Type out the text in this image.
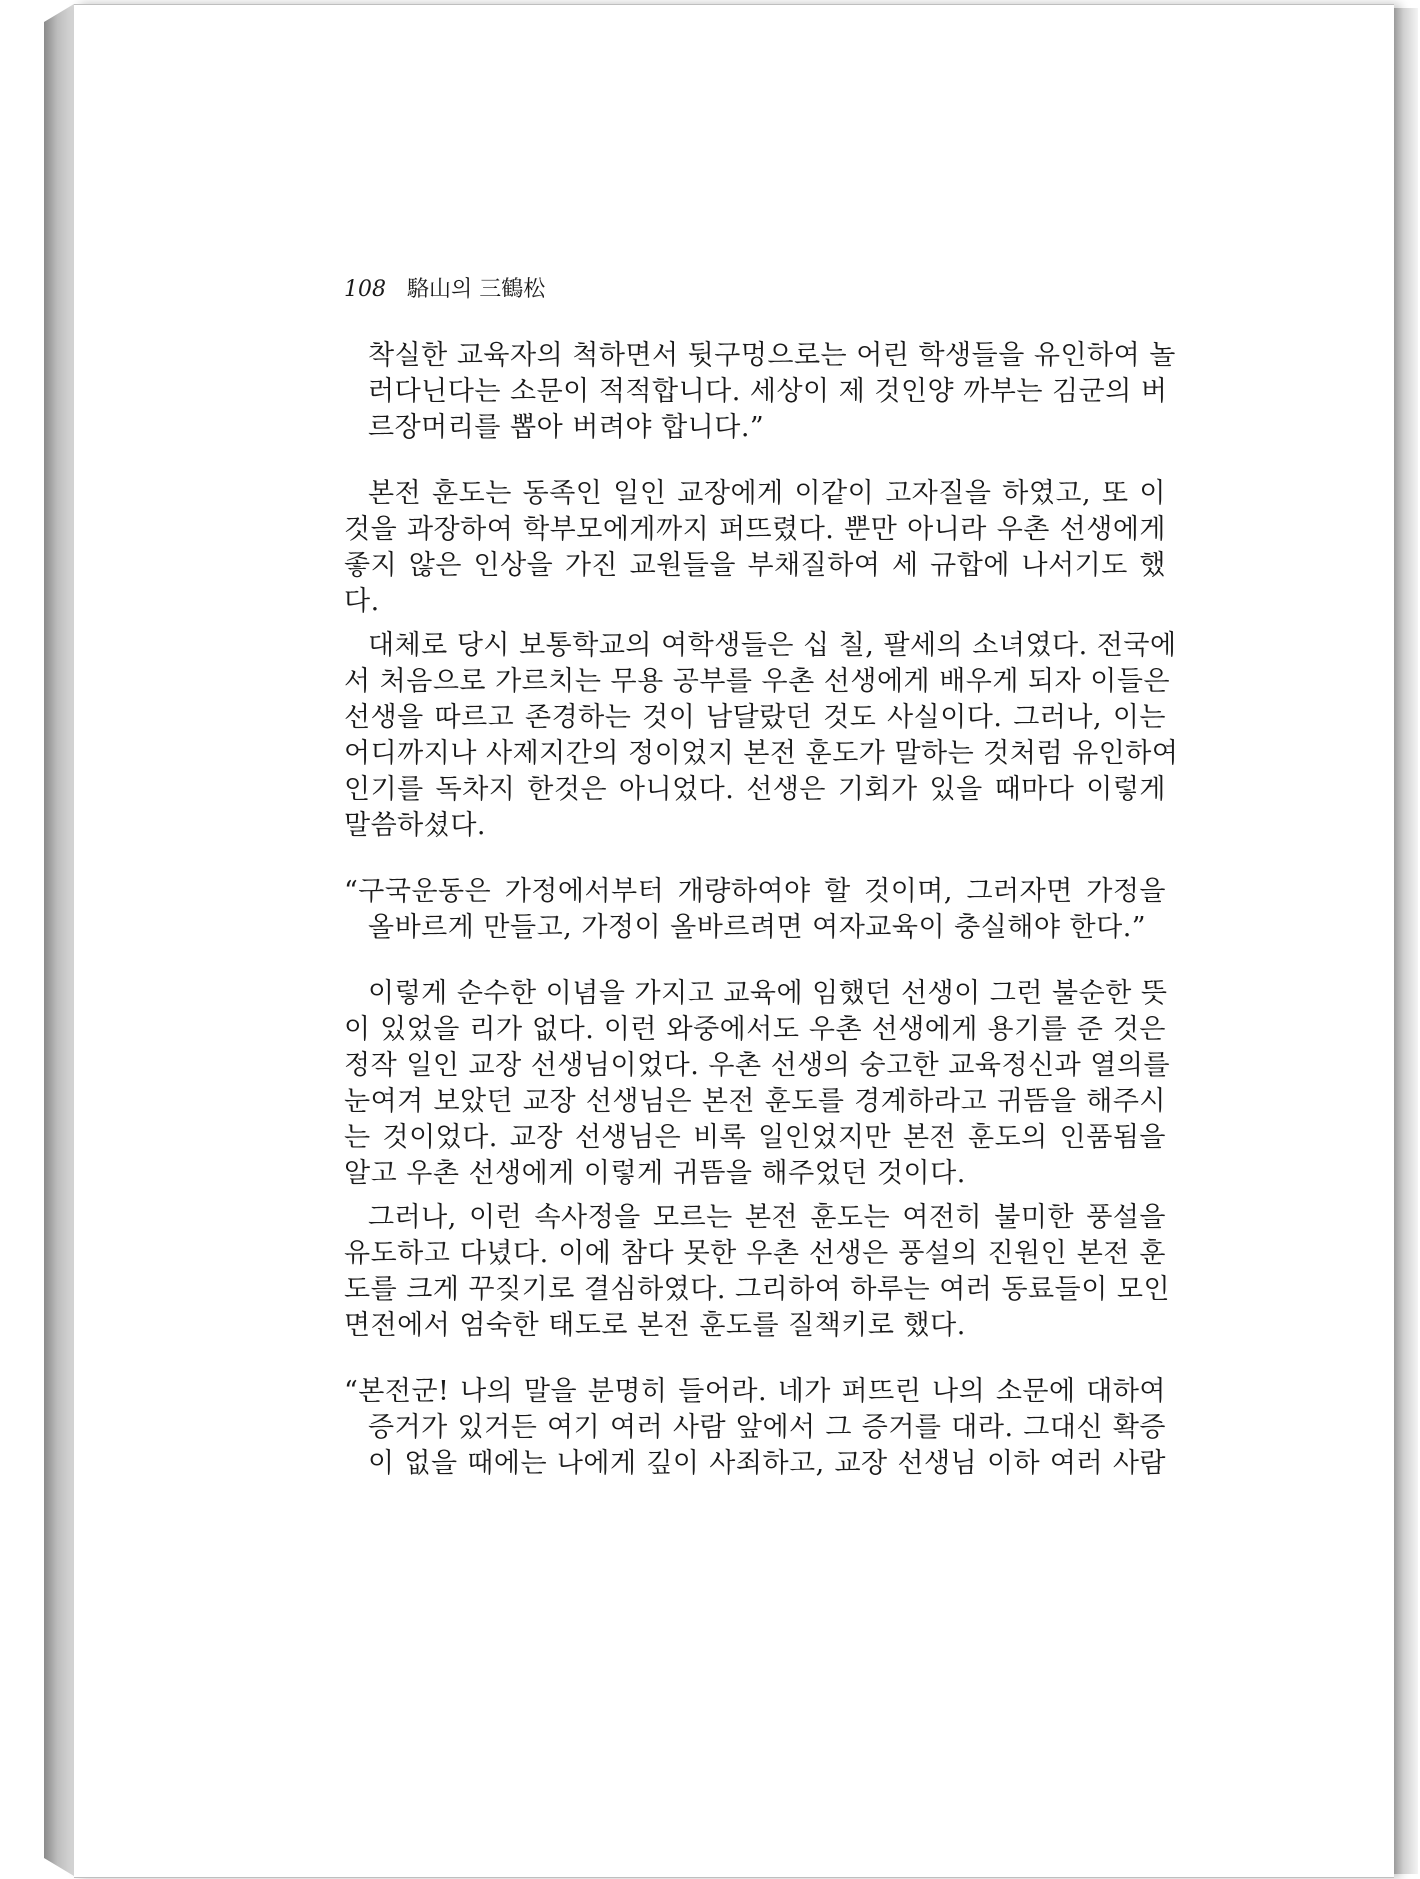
108 駱山의 三鶴松
착실한 교육자의 척하면서 뒷구멍으로는 어린 학생들을 유인하여 놀
러다닌다는 소문이 적적합니다. 세상이 제 것인양 까부는 김군의 버
르장머리를 뽑아 버려야 합니다.”
본전 훈도는 동족인 일인 교장에게 이같이 고자질을 하였고, 또 이
것을 과장하여 학부모에게까지 퍼뜨렸다. 뿐만 아니라 우촌 선생에게
좋지 않은 인상을 가진 교원들을 부채질하여 세 규합에 나서기도 했
다.
대체로 당시 보통학교의 여학생들은 십 칠, 팔세의 소녀였다. 전국에
서 처음으로 가르치는 무용 공부를 우촌 선생에게 배우게 되자 이들은
선생을 따르고 존경하는 것이 남달랐던 것도 사실이다. 그러나, 이는
어디까지나 사제지간의 정이었지 본전 훈도가 말하는 것처럼 유인하여
인기를 독차지 한것은 아니었다. 선생은 기회가 있을 때마다 이렇게
말씀하셨다.
“구국운동은 가정에서부터 개량하여야 할 것이며, 그러자면 가정을
올바르게 만들고, 가정이 올바르려면 여자교육이 충실해야 한다.”
이렇게 순수한 이념을 가지고 교육에 임했던 선생이 그런 불순한 뜻
이 있었을 리가 없다. 이런 와중에서도 우촌 선생에게 용기를 준 것은
정작 일인 교장 선생님이었다. 우촌 선생의 숭고한 교육정신과 열의를
눈여겨 보았던 교장 선생님은 본전 훈도를 경계하라고 귀뜸을 해주시
는 것이었다. 교장 선생님은 비록 일인었지만 본전 훈도의 인품됨을
알고 우촌 선생에게 이렇게 귀뜸을 해주었던 것이다.
그러나, 이런 속사정을 모르는 본전 훈도는 여전히 불미한 풍설을
유도하고 다녔다. 이에 참다 못한 우촌 선생은 풍설의 진원인 본전 훈
도를 크게 꾸짖기로 결심하였다. 그리하여 하루는 여러 동료들이 모인
면전에서 엄숙한 태도로 본전 훈도를 질책키로 했다.
“본전군! 나의 말을 분명히 들어라. 네가 퍼뜨린 나의 소문에 대하여
증거가 있거든 여기 여러 사람 앞에서 그 증거를 대라. 그대신 확증
이 없을 때에는 나에게 깊이 사죄하고, 교장 선생님 이하 여러 사람
